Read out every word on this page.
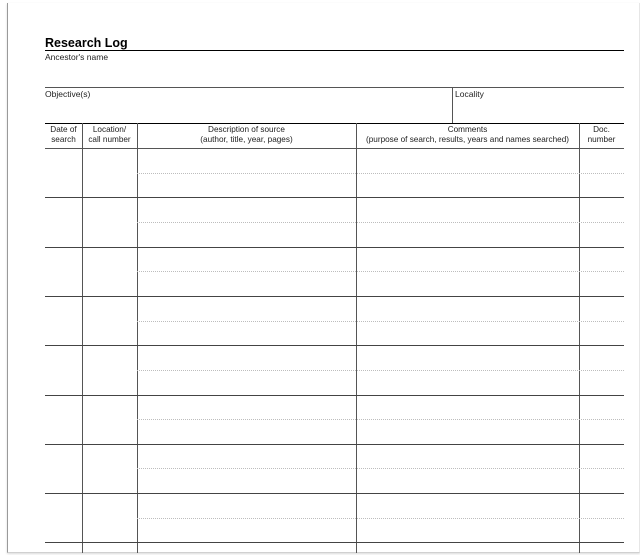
Research Log
Ancestor's name
Objective(s)	Locality
Date of
search
Location/
call number
Description of source
(author, title, year, pages)
Comments
(purpose of search, results, years and names searched)
Doc.
number
